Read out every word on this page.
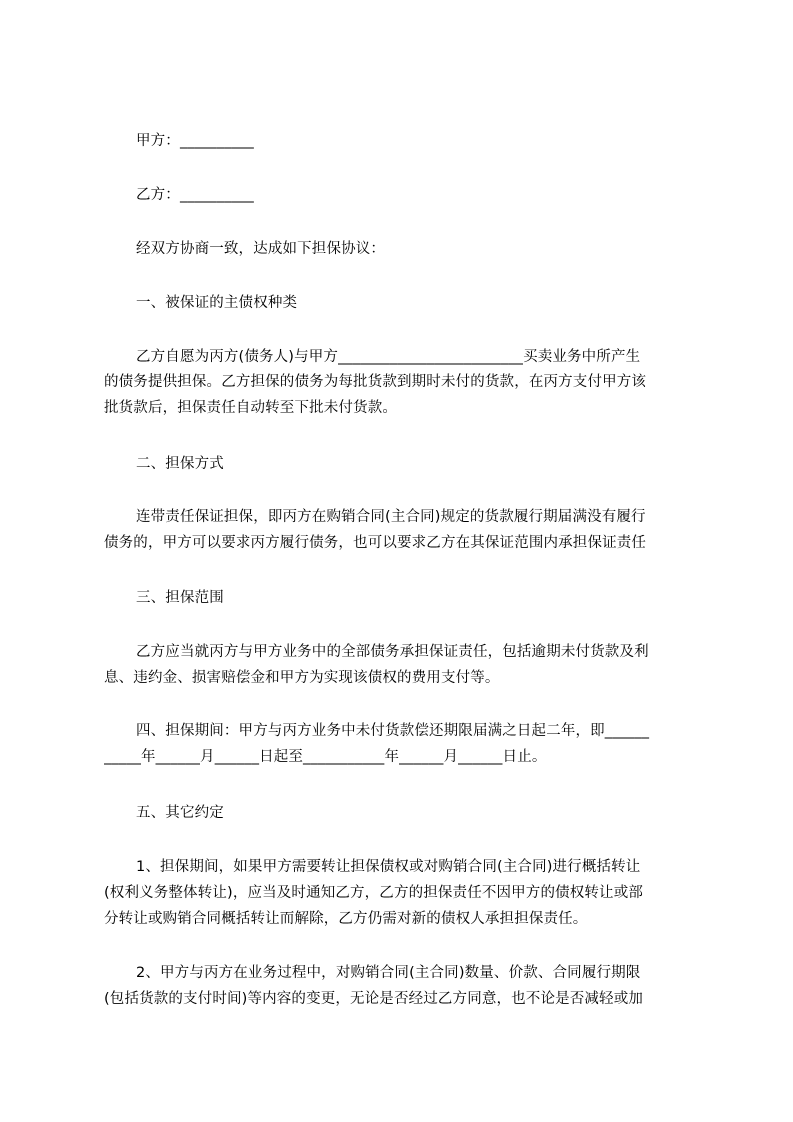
甲方：__________
乙方：__________
经双方协商一致，达成如下担保协议：
一、被保证的主债权种类
乙方自愿为丙方(债务人)与甲方_________________________买卖业务中所产生
的债务提供担保。乙方担保的债务为每批货款到期时未付的货款，在丙方支付甲方该
批货款后，担保责任自动转至下批未付货款。
二、担保方式
连带责任保证担保，即丙方在购销合同(主合同)规定的货款履行期届满没有履行
债务的，甲方可以要求丙方履行债务，也可以要求乙方在其保证范围内承担保证责任
三、担保范围
乙方应当就丙方与甲方业务中的全部债务承担保证责任，包括逾期未付货款及利
息、违约金、损害赔偿金和甲方为实现该债权的费用支付等。
四、担保期间：甲方与丙方业务中未付货款偿还期限届满之日起二年，即______
_____年______月______日起至___________年______月______日止。
五、其它约定
1、担保期间，如果甲方需要转让担保债权或对购销合同(主合同)进行概括转让
(权利义务整体转让)，应当及时通知乙方，乙方的担保责任不因甲方的债权转让或部
分转让或购销合同概括转让而解除，乙方仍需对新的债权人承担担保责任。
2、甲方与丙方在业务过程中，对购销合同(主合同)数量、价款、合同履行期限
(包括货款的支付时间)等内容的变更，无论是否经过乙方同意，也不论是否减轻或加
